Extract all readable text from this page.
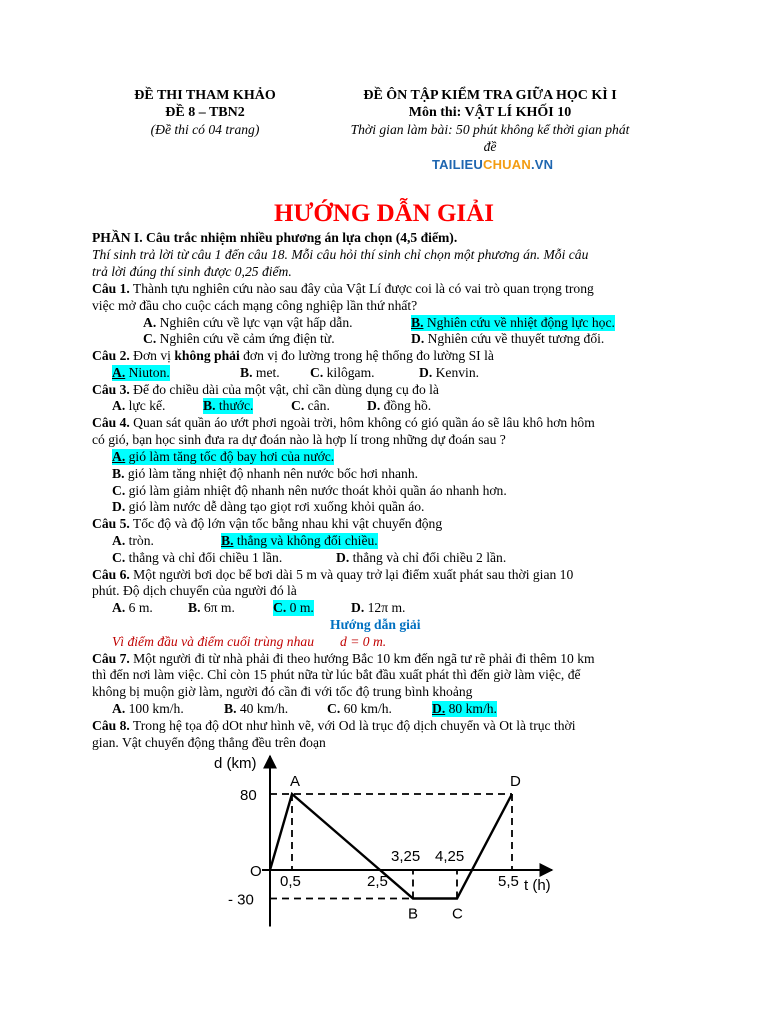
ĐỀ THI THAM KHẢO
ĐỀ 8 – TBN2
(Đề thi có 04 trang)
ĐỀ ÔN TẬP KIỂM TRA GIỮA HỌC KÌ I
Môn thi: VẬT LÍ KHỐI 10
Thời gian làm bài: 50 phút không kể thời gian phát
đề
TAILIEUCHUAN.VN
HƯỚNG DẪN GIẢI
PHẦN I. Câu trắc nhiệm nhiều phương án lựa chọn (4,5 điểm).
Thí sinh trả lời từ câu 1 đến câu 18. Mỗi câu hỏi thí sinh chỉ chọn một phương án. Mỗi câu
trả lời đúng thí sinh được 0,25 điểm.
Câu 1. Thành tựu nghiên cứu nào sau đây của Vật Lí được coi là có vai trò quan trọng trong
việc mở đầu cho cuộc cách mạng công nghiệp lần thứ nhất?
A. Nghiên cứu về lực vạn vật hấp dẫn.	B. Nghiên cứu về nhiệt động lực học.
C. Nghiên cứu về cảm ứng điện từ.	D. Nghiên cứu về thuyết tương đối.
Câu 2. Đơn vị không phải đơn vị đo lường trong hệ thống đo lường SI là
A. Niuton.	B. met. C. kilôgam.	D. Kenvin.
Câu 3. Để đo chiều dài của một vật, chỉ cần dùng dụng cụ đo là
A. lực kế.	B. thước.	C. cân.	D. đồng hồ.
Câu 4. Quan sát quần áo ướt phơi ngoài trời, hôm không có gió quần áo sẽ lâu khô hơn hôm
có gió, bạn học sinh đưa ra dự đoán nào là hợp lí trong những dự đoán sau ?
A. gió làm tăng tốc độ bay hơi của nước.
B. gió làm tăng nhiệt độ nhanh nên nước bốc hơi nhanh.
C. gió làm giảm nhiệt độ nhanh nên nước thoát khỏi quần áo nhanh hơn.
D. gió làm nước dễ dàng tạo giọt rơi xuống khỏi quần áo.
Câu 5. Tốc độ và độ lớn vận tốc bằng nhau khi vật chuyển động
A. tròn.	B. thẳng và không đổi chiều.
C. thẳng và chỉ đổi chiều 1 lần.	D. thẳng và chỉ đổi chiều 2 lần.
Câu 6. Một người bơi dọc bể bơi dài 5 m và quay trở lại điểm xuất phát sau thời gian 10
phút. Độ dịch chuyển của người đó là
A. 6 m.	B. 6π m.	C. 0 m.	D. 12π m.
Hướng dẫn giải
Vì điểm đầu và điểm cuối trùng nhau d = 0 m.
Câu 7. Một người đi từ nhà phải đi theo hướng Bắc 10 km đến ngã tư rẽ phải đi thêm 10 km
thì đến nơi làm việc. Chỉ còn 15 phút nữa từ lúc bắt đầu xuất phát thì đến giờ làm việc, để
không bị muộn giờ làm, người đó cần đi với tốc độ trung bình khoảng
A. 100 km/h.	B. 40 km/h.	C. 60 km/h.	D. 80 km/h.
Câu 8. Trong hệ tọa độ dOt như hình vẽ, với Od là trục độ dịch chuyển và Ot là trục thời
gian. Vật chuyển động thẳng đều trên đoạn
d (km)
t (h)
O
80
- 30
0,5	2,5
3,25 4,25
5,5
A
B C
D
